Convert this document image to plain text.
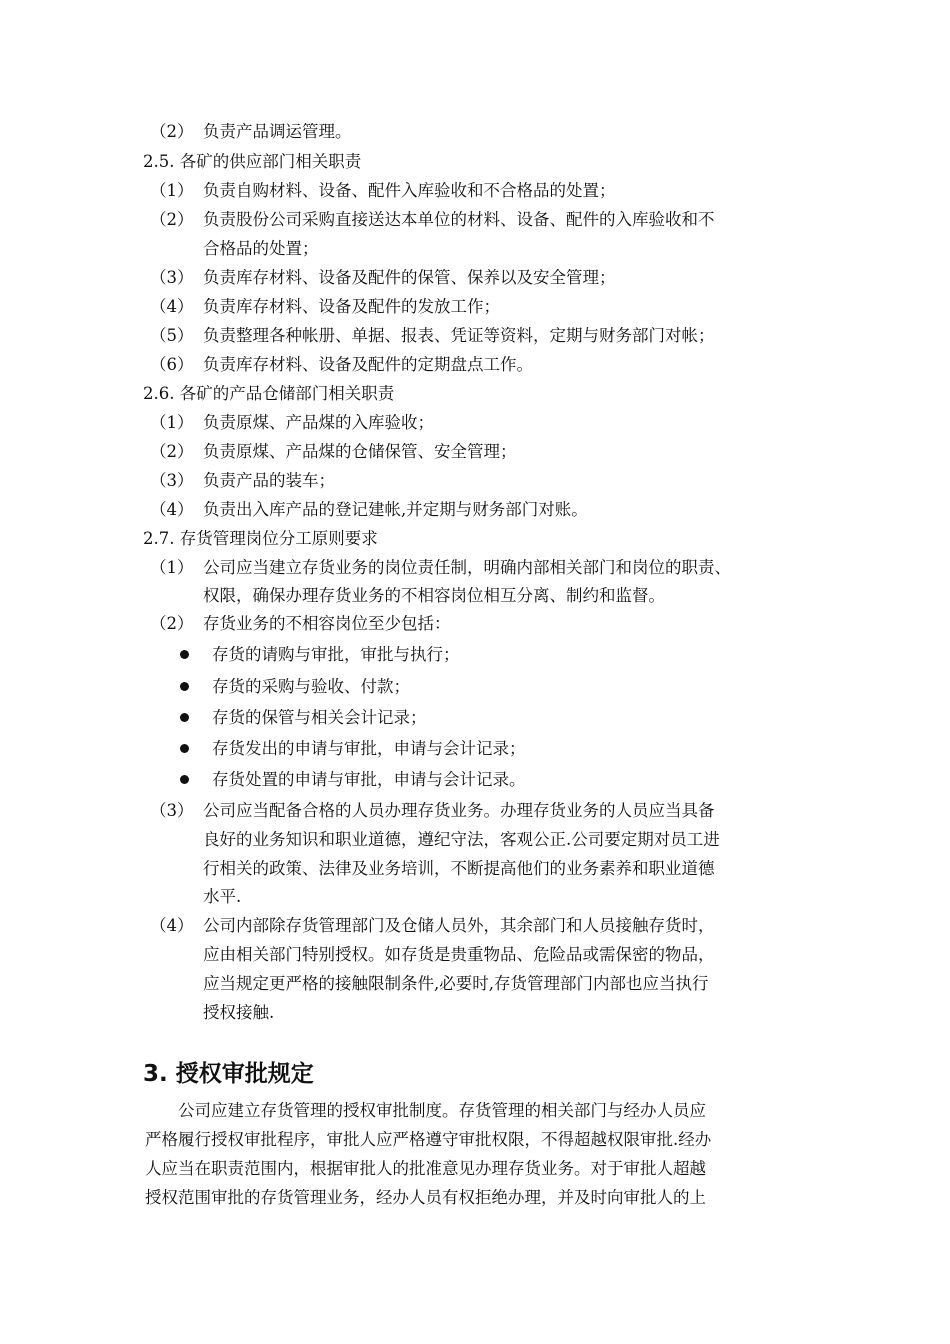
（2） 负责产品调运管理。
2.5. 各矿的供应部门相关职责
（1） 负责自购材料、设备、配件入库验收和不合格品的处置；
（2） 负责股份公司采购直接送达本单位的材料、设备、配件的入库验收和不
合格品的处置；
（3） 负责库存材料、设备及配件的保管、保养以及安全管理；
（4） 负责库存材料、设备及配件的发放工作；
（5） 负责整理各种帐册、单据、报表、凭证等资料，定期与财务部门对帐；
（6） 负责库存材料、设备及配件的定期盘点工作。
2.6. 各矿的产品仓储部门相关职责
（1） 负责原煤、产品煤的入库验收；
（2） 负责原煤、产品煤的仓储保管、安全管理；
（3） 负责产品的装车；
（4） 负责出入库产品的登记建帐,并定期与财务部门对账。
2.7. 存货管理岗位分工原则要求
（1） 公司应当建立存货业务的岗位责任制，明确内部相关部门和岗位的职责、
权限，确保办理存货业务的不相容岗位相互分离、制约和监督。
（2） 存货业务的不相容岗位至少包括：
存货的请购与审批，审批与执行；
存货的采购与验收、付款；
存货的保管与相关会计记录；
存货发出的申请与审批，申请与会计记录；
存货处置的申请与审批，申请与会计记录。
（3） 公司应当配备合格的人员办理存货业务。办理存货业务的人员应当具备
良好的业务知识和职业道德，遵纪守法，客观公正.公司要定期对员工进
行相关的政策、法律及业务培训，不断提高他们的业务素养和职业道德
水平.
（4） 公司内部除存货管理部门及仓储人员外，其余部门和人员接触存货时，
应由相关部门特别授权。如存货是贵重物品、危险品或需保密的物品，
应当规定更严格的接触限制条件,必要时,存货管理部门内部也应当执行
授权接触.
3. 授权审批规定
　　公司应建立存货管理的授权审批制度。存货管理的相关部门与经办人员应
严格履行授权审批程序，审批人应严格遵守审批权限，不得超越权限审批.经办
人应当在职责范围内，根据审批人的批准意见办理存货业务。对于审批人超越
授权范围审批的存货管理业务，经办人员有权拒绝办理，并及时向审批人的上
